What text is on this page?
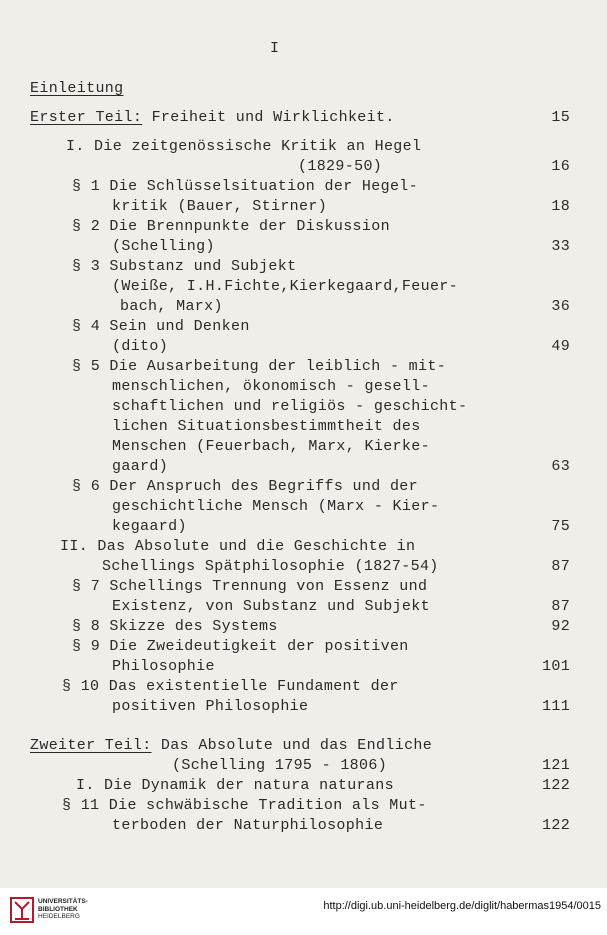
I
Einleitung
Erster Teil: Freiheit und Wirklichkeit.	15
I. Die zeitgenössische Kritik an Hegel
(1829-50)	16
§ 1 Die Schlüsselsituation der Hegel-
kritik (Bauer, Stirner)	18
§ 2 Die Brennpunkte der Diskussion
(Schelling)	33
§ 3 Substanz und Subjekt
(Weiße, I.H.Fichte,Kierkegaard,Feuer-
bach, Marx)	36
§ 4 Sein und Denken
(dito)	49
§ 5 Die Ausarbeitung der leiblich - mit-
menschlichen, ökonomisch - gesell-
schaftlichen und religiös - geschicht-
lichen Situationsbestimmtheit des
Menschen (Feuerbach, Marx, Kierke-
gaard)	63
§ 6 Der Anspruch des Begriffs und der
geschichtliche Mensch (Marx - Kier-
kegaard)	75
II. Das Absolute und die Geschichte in
Schellings Spätphilosophie (1827-54)	87
§ 7 Schellings Trennung von Essenz und
Existenz, von Substanz und Subjekt	87
§ 8 Skizze des Systems	92
§ 9 Die Zweideutigkeit der positiven
Philosophie	101
§ 10 Das existentielle Fundament der
positiven Philosophie	111
Zweiter Teil: Das Absolute und das Endliche
(Schelling 1795 - 1806)	121
I. Die Dynamik der natura naturans	122
§ 11 Die schwäbische Tradition als Mut-
terboden der Naturphilosophie	122
UNIVERSITÄTS-
BIBLIOTHEK
HEIDELBERG
http://digi.ub.uni-heidelberg.de/diglit/habermas1954/0015
